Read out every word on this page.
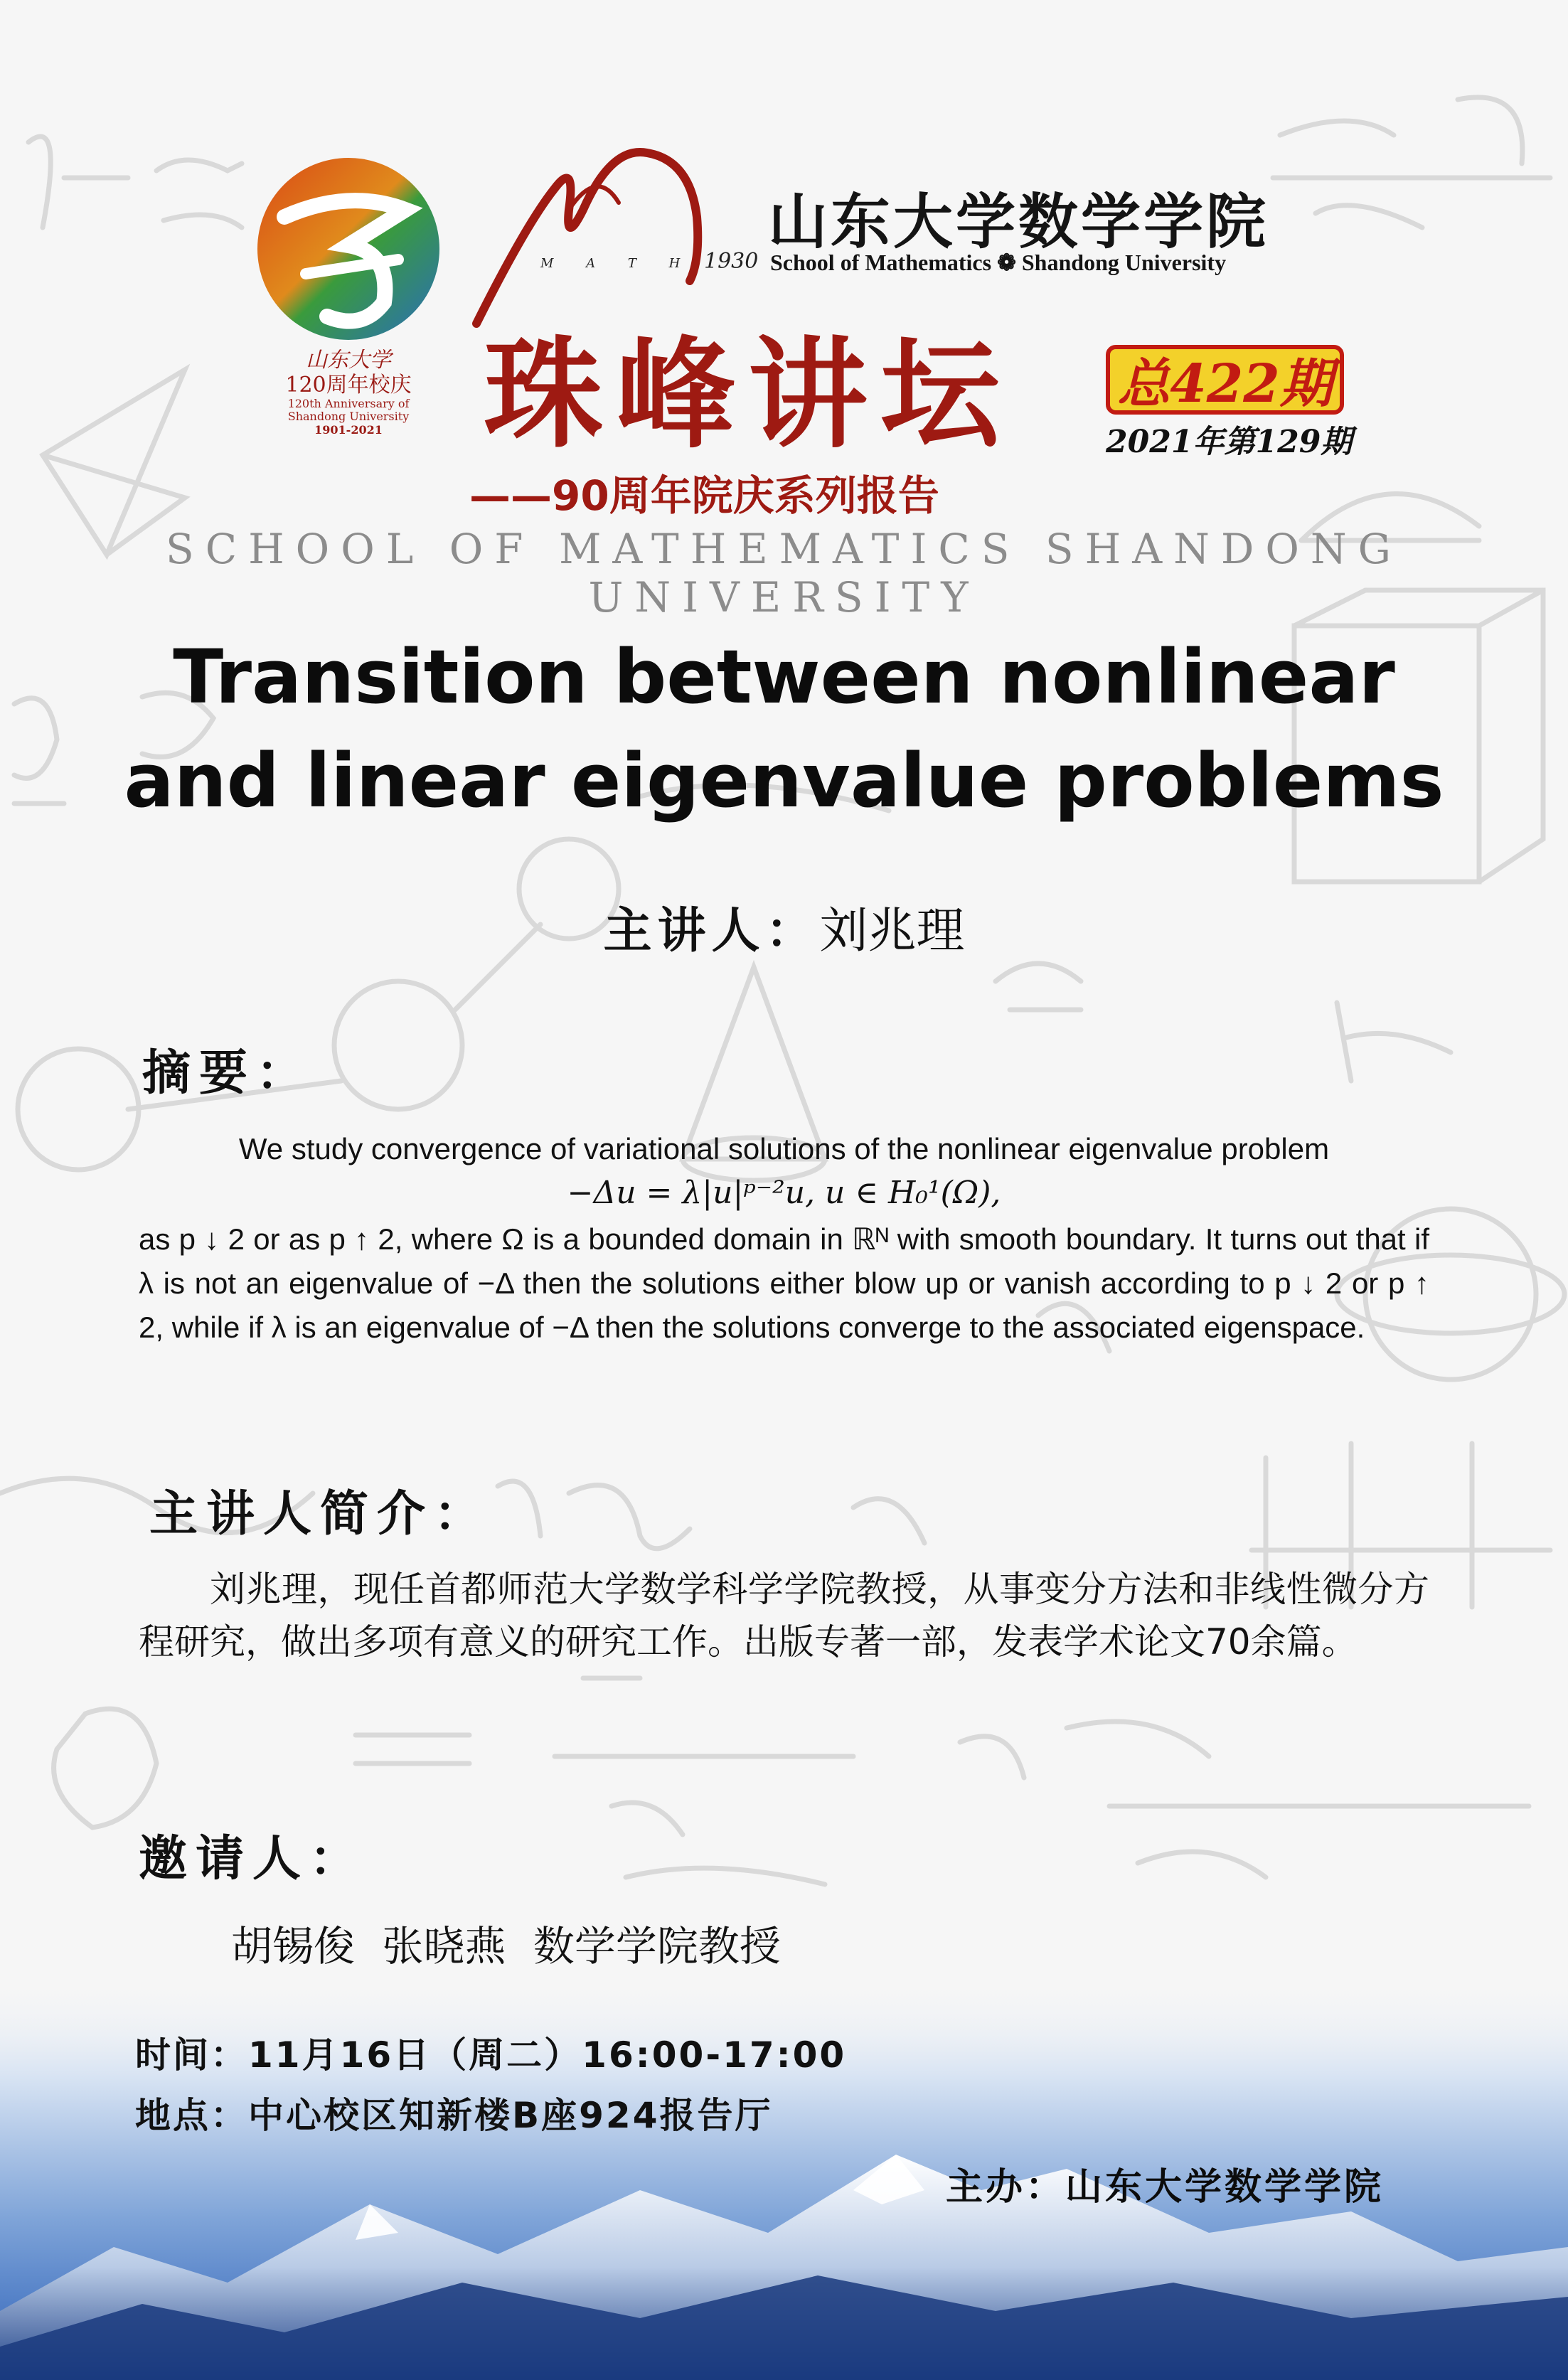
山东大学
120周年校庆
120th Anniversary of
Shandong University
1901-2021
M A T H 1930
山东大学数学学院
School of Mathematics ❁ Shandong University
珠峰讲坛
——90周年院庆系列报告
总422期
2021年第129期
SCHOOL OF MATHEMATICS SHANDONG UNIVERSITY
Transition between nonlinear
and linear eigenvalue problems
主讲人：刘兆理
摘要：
We study convergence of variational solutions of the nonlinear eigenvalue problem
−Δu = λ|u|ᵖ⁻²u, u ∈ H₀¹(Ω),
as p ↓ 2 or as p ↑ 2, where Ω is a bounded domain in ℝᴺ with smooth boundary. It turns out that if λ is not an eigenvalue of −Δ then the solutions either blow up or vanish according to p ↓ 2 or p ↑ 2, while if λ is an eigenvalue of −Δ then the solutions converge to the associated eigenspace.
主讲人简介：
刘兆理，现任首都师范大学数学科学学院教授，从事变分方法和非线性微分方程研究，做出多项有意义的研究工作。出版专著一部，发表学术论文70余篇。
邀请人：
胡锡俊 张晓燕 数学学院教授
时间：11月16日（周二）16:00-17:00
地点：中心校区知新楼B座924报告厅
主办：山东大学数学学院
